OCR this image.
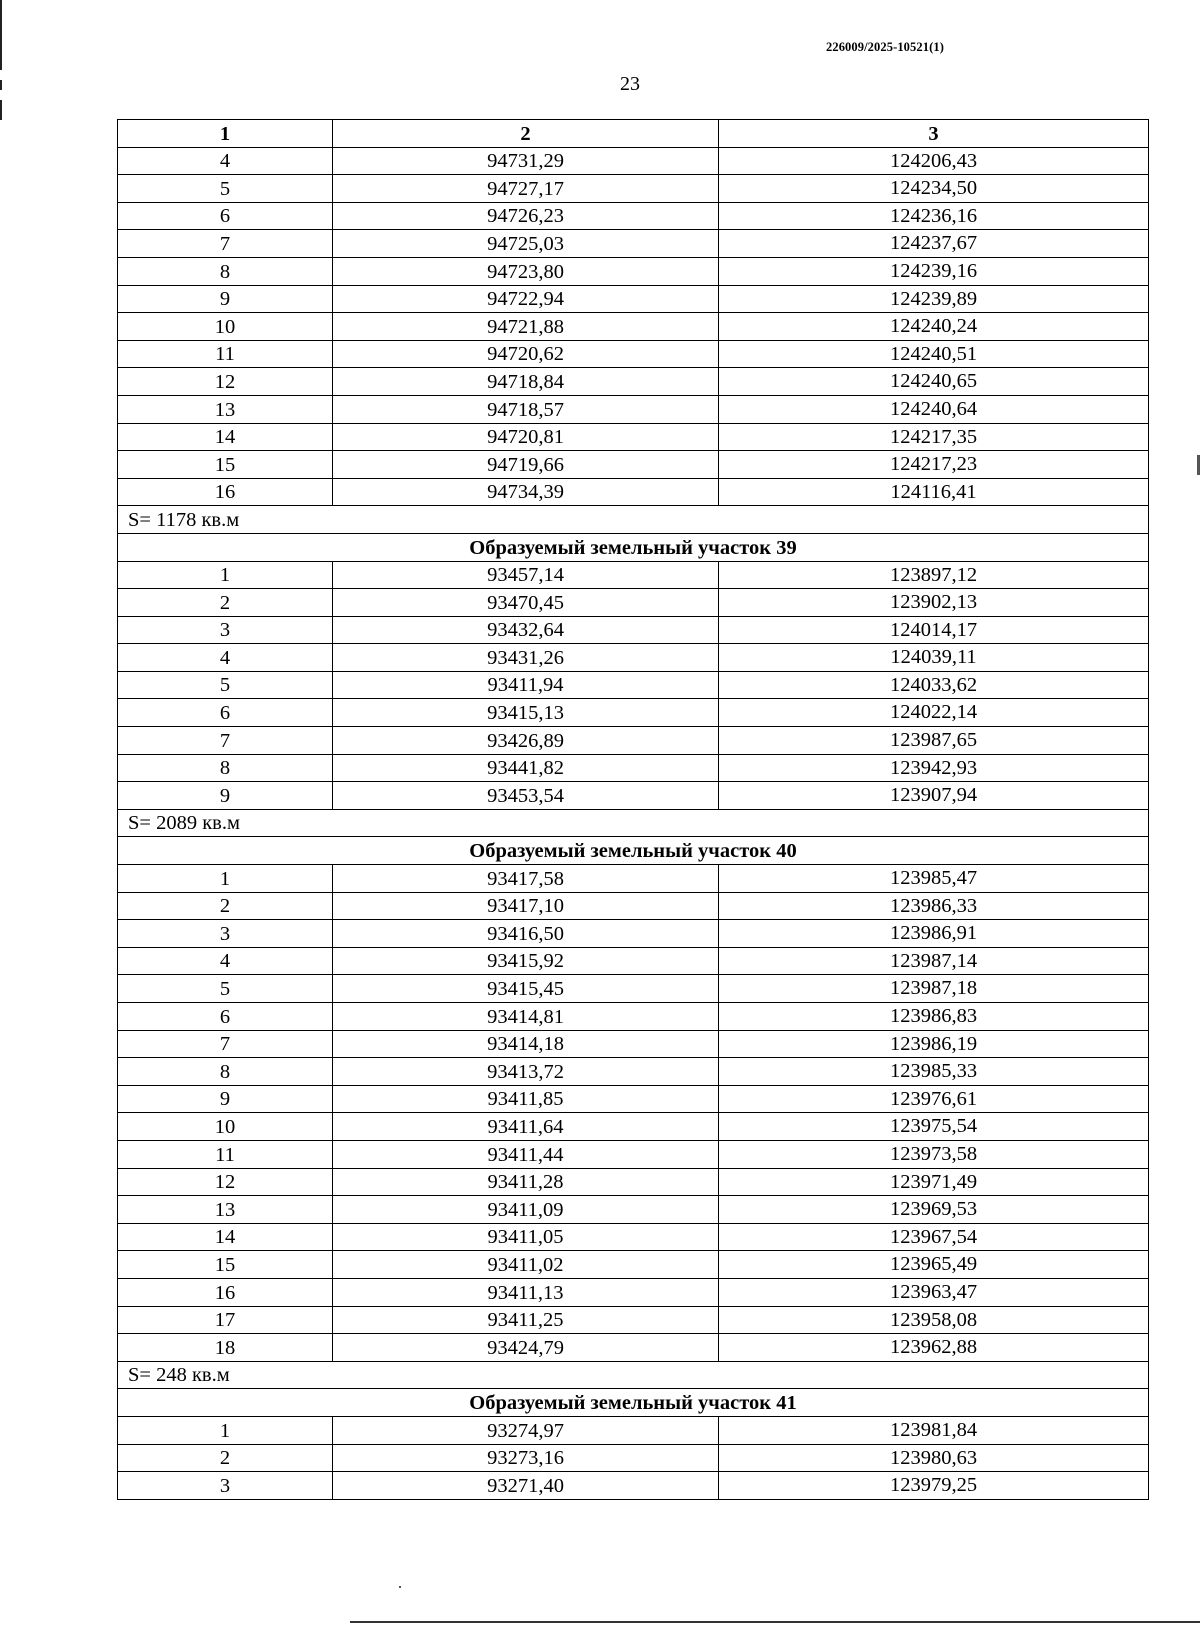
226009/2025-10521(1)
23
1	2	3
4	94731,29	124206,43
5	94727,17	124234,50
6	94726,23	124236,16
7	94725,03	124237,67
8	94723,80	124239,16
9	94722,94	124239,89
10	94721,88	124240,24
11	94720,62	124240,51
12	94718,84	124240,65
13	94718,57	124240,64
14	94720,81	124217,35
15	94719,66	124217,23
16	94734,39	124116,41
S= 1178 кв.м		
Образуемый земельный участок 39		
1	93457,14	123897,12
2	93470,45	123902,13
3	93432,64	124014,17
4	93431,26	124039,11
5	93411,94	124033,62
6	93415,13	124022,14
7	93426,89	123987,65
8	93441,82	123942,93
9	93453,54	123907,94
S= 2089 кв.м		
Образуемый земельный участок 40		
1	93417,58	123985,47
2	93417,10	123986,33
3	93416,50	123986,91
4	93415,92	123987,14
5	93415,45	123987,18
6	93414,81	123986,83
7	93414,18	123986,19
8	93413,72	123985,33
9	93411,85	123976,61
10	93411,64	123975,54
11	93411,44	123973,58
12	93411,28	123971,49
13	93411,09	123969,53
14	93411,05	123967,54
15	93411,02	123965,49
16	93411,13	123963,47
17	93411,25	123958,08
18	93424,79	123962,88
S= 248 кв.м		
Образуемый земельный участок 41		
1	93274,97	123981,84
2	93273,16	123980,63
3	93271,40	123979,25
